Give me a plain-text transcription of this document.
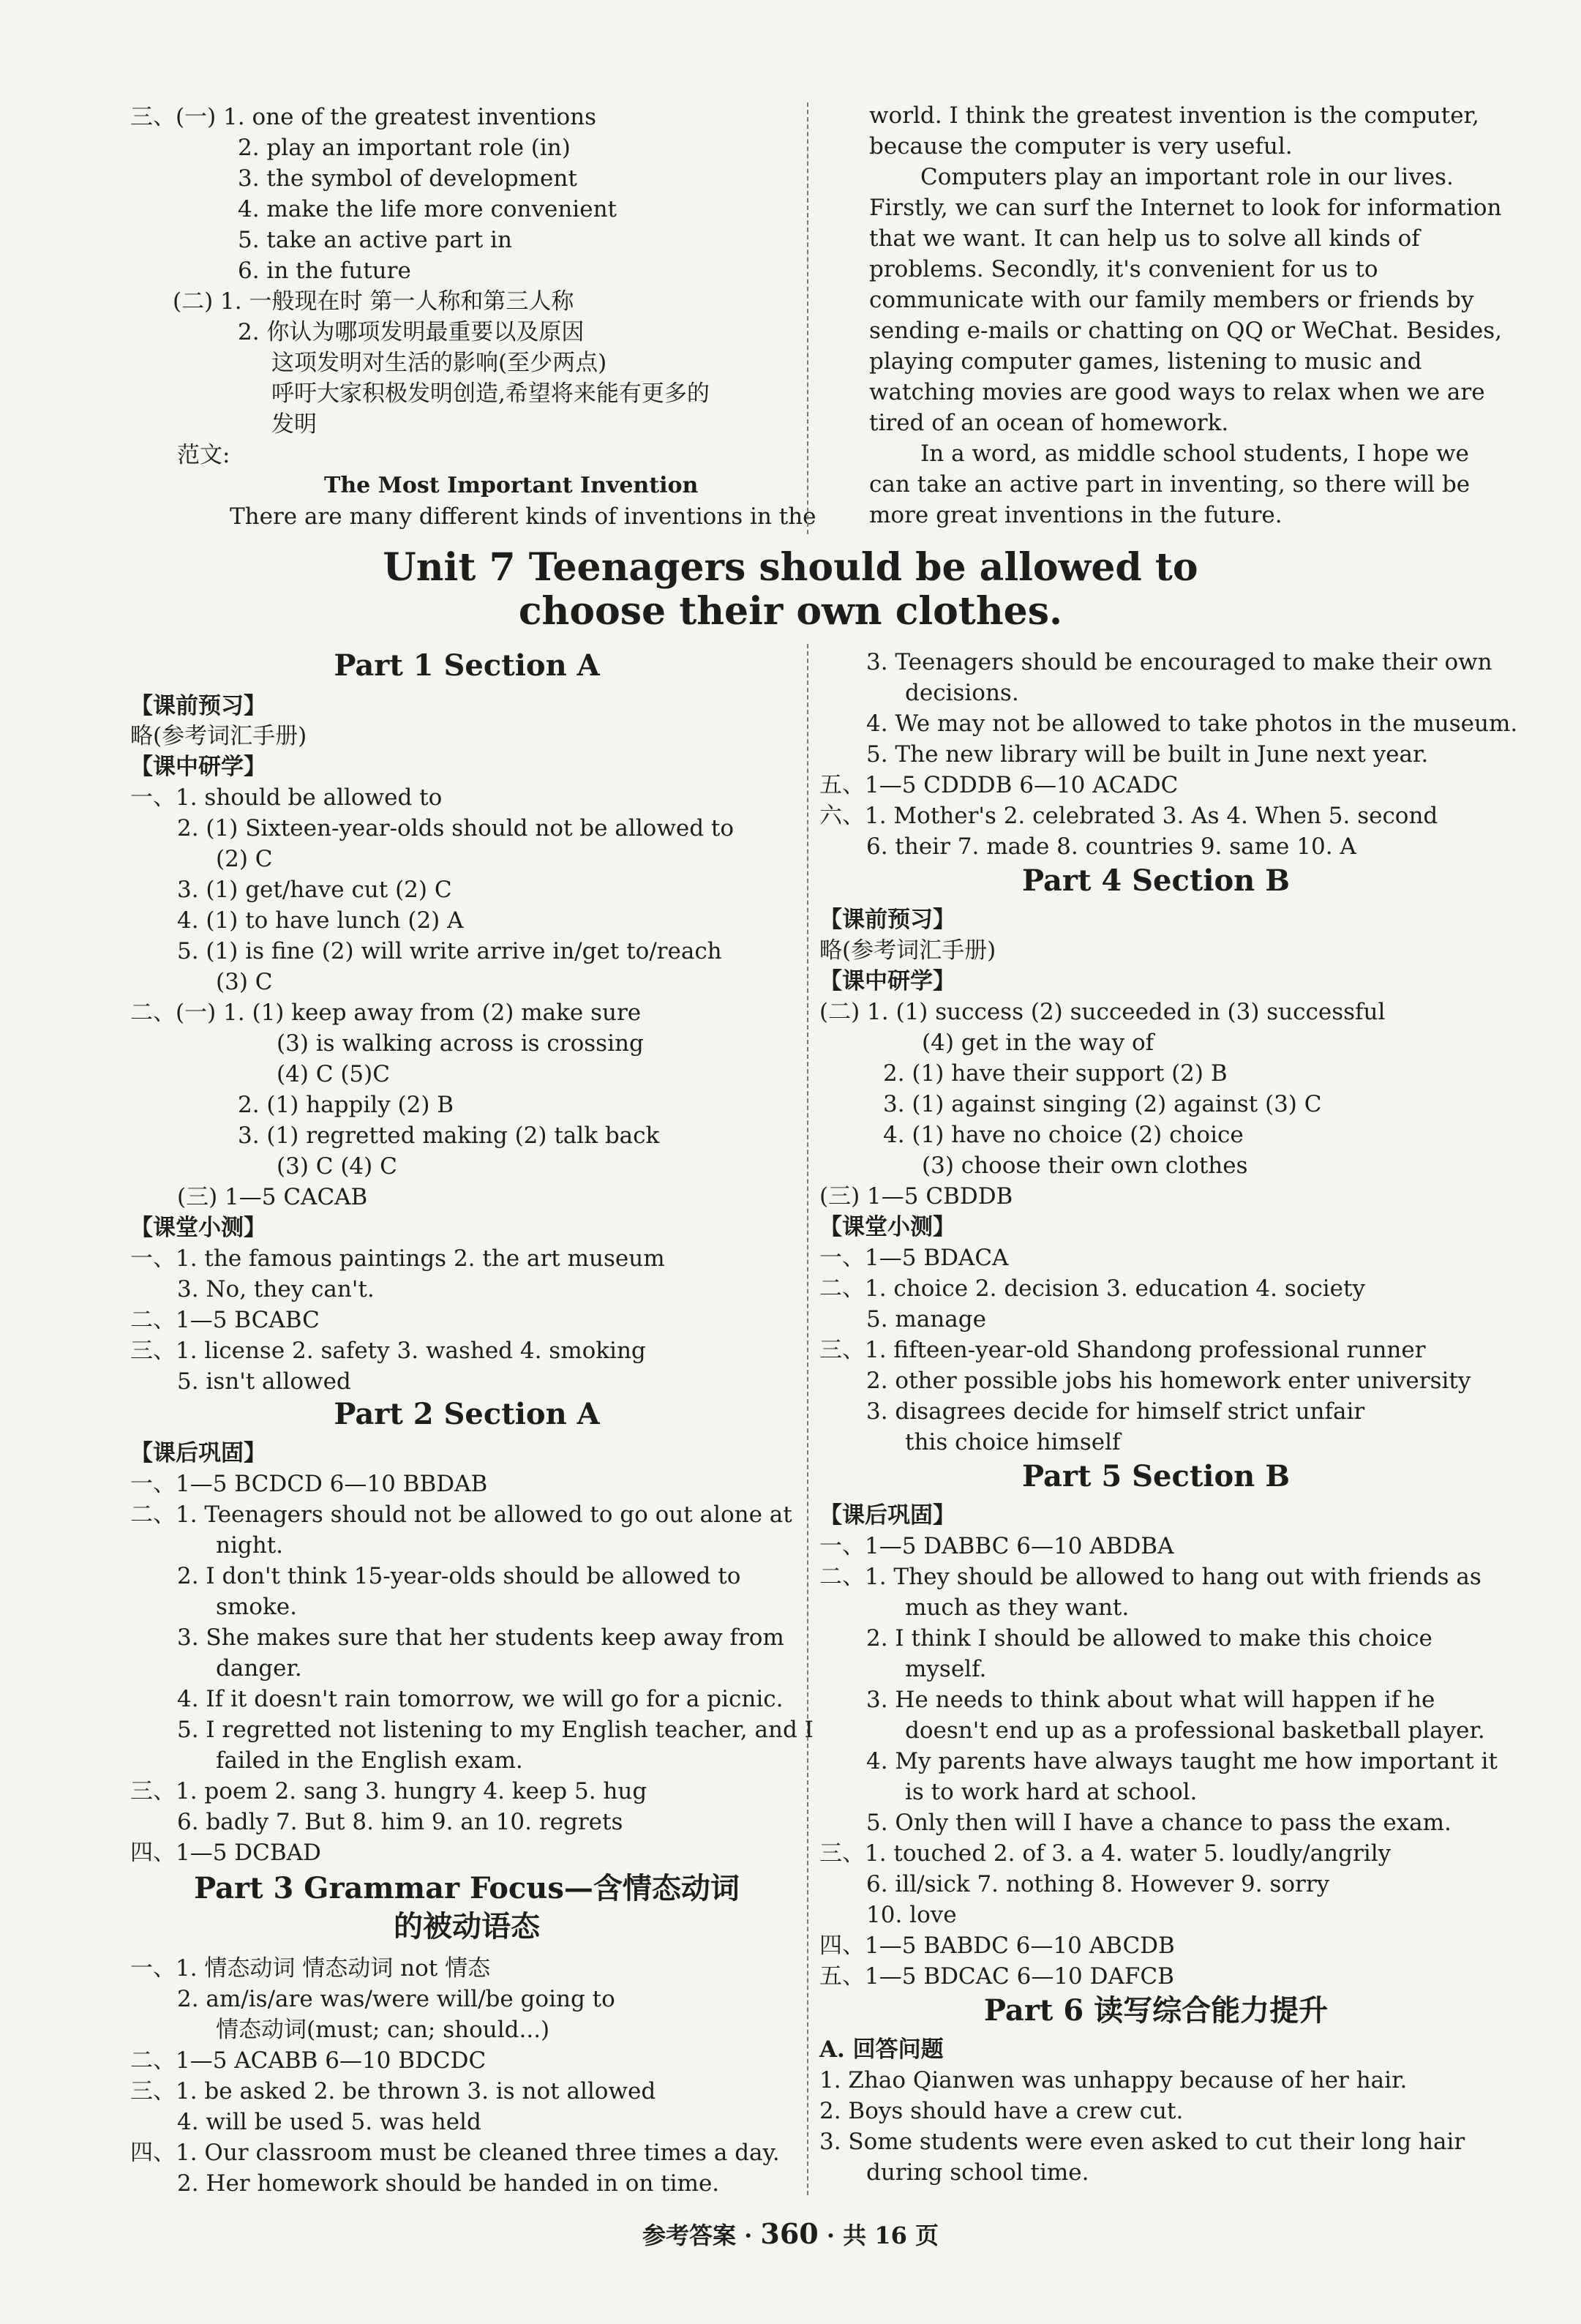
三、(一) 1. one of the greatest inventions
2. play an important role (in)
3. the symbol of development
4. make the life more convenient
5. take an active part in
6. in the future
(二) 1. 一般现在时 第一人称和第三人称
2. 你认为哪项发明最重要以及原因
这项发明对生活的影响(至少两点)
呼吁大家积极发明创造,希望将来能有更多的
发明
范文:
The Most Important Invention
There are many different kinds of inventions in the
world. I think the greatest invention is the computer,
because the computer is very useful.
Computers play an important role in our lives.
Firstly, we can surf the Internet to look for information
that we want. It can help us to solve all kinds of
problems. Secondly, it's convenient for us to
communicate with our family members or friends by
sending e-mails or chatting on QQ or WeChat. Besides,
playing computer games, listening to music and
watching movies are good ways to relax when we are
tired of an ocean of homework.
In a word, as middle school students, I hope we
can take an active part in inventing, so there will be
more great inventions in the future.
Unit 7 Teenagers should be allowed to
choose their own clothes.
Part 1 Section A
【课前预习】
略(参考词汇手册)
【课中研学】
一、1. should be allowed to
2. (1) Sixteen-year-olds should not be allowed to
(2) C
3. (1) get/have cut (2) C
4. (1) to have lunch (2) A
5. (1) is fine (2) will write arrive in/get to/reach
(3) C
二、(一) 1. (1) keep away from (2) make sure
(3) is walking across is crossing
(4) C (5)C
2. (1) happily (2) B
3. (1) regretted making (2) talk back
(3) C (4) C
(三) 1—5 CACAB
【课堂小测】
一、1. the famous paintings 2. the art museum
3. No, they can't.
二、1—5 BCABC
三、1. license 2. safety 3. washed 4. smoking
5. isn't allowed
Part 2 Section A
【课后巩固】
一、1—5 BCDCD 6—10 BBDAB
二、1. Teenagers should not be allowed to go out alone at
night.
2. I don't think 15-year-olds should be allowed to
smoke.
3. She makes sure that her students keep away from
danger.
4. If it doesn't rain tomorrow, we will go for a picnic.
5. I regretted not listening to my English teacher, and I
failed in the English exam.
三、1. poem 2. sang 3. hungry 4. keep 5. hug
6. badly 7. But 8. him 9. an 10. regrets
四、1—5 DCBAD
Part 3 Grammar Focus—含情态动词
的被动语态
一、1. 情态动词 情态动词 not 情态
2. am/is/are was/were will/be going to
情态动词(must; can; should...)
二、1—5 ACABB 6—10 BDCDC
三、1. be asked 2. be thrown 3. is not allowed
4. will be used 5. was held
四、1. Our classroom must be cleaned three times a day.
2. Her homework should be handed in on time.
3. Teenagers should be encouraged to make their own
decisions.
4. We may not be allowed to take photos in the museum.
5. The new library will be built in June next year.
五、1—5 CDDDB 6—10 ACADC
六、1. Mother's 2. celebrated 3. As 4. When 5. second
6. their 7. made 8. countries 9. same 10. A
Part 4 Section B
【课前预习】
略(参考词汇手册)
【课中研学】
(二) 1. (1) success (2) succeeded in (3) successful
(4) get in the way of
2. (1) have their support (2) B
3. (1) against singing (2) against (3) C
4. (1) have no choice (2) choice
(3) choose their own clothes
(三) 1—5 CBDDB
【课堂小测】
一、1—5 BDACA
二、1. choice 2. decision 3. education 4. society
5. manage
三、1. fifteen-year-old Shandong professional runner
2. other possible jobs his homework enter university
3. disagrees decide for himself strict unfair
this choice himself
Part 5 Section B
【课后巩固】
一、1—5 DABBC 6—10 ABDBA
二、1. They should be allowed to hang out with friends as
much as they want.
2. I think I should be allowed to make this choice
myself.
3. He needs to think about what will happen if he
doesn't end up as a professional basketball player.
4. My parents have always taught me how important it
is to work hard at school.
5. Only then will I have a chance to pass the exam.
三、1. touched 2. of 3. a 4. water 5. loudly/angrily
6. ill/sick 7. nothing 8. However 9. sorry
10. love
四、1—5 BABDC 6—10 ABCDB
五、1—5 BDCAC 6—10 DAFCB
Part 6 读写综合能力提升
A. 回答问题
1. Zhao Qianwen was unhappy because of her hair.
2. Boys should have a crew cut.
3. Some students were even asked to cut their long hair
during school time.
参考答案 · 360 · 共 16 页
